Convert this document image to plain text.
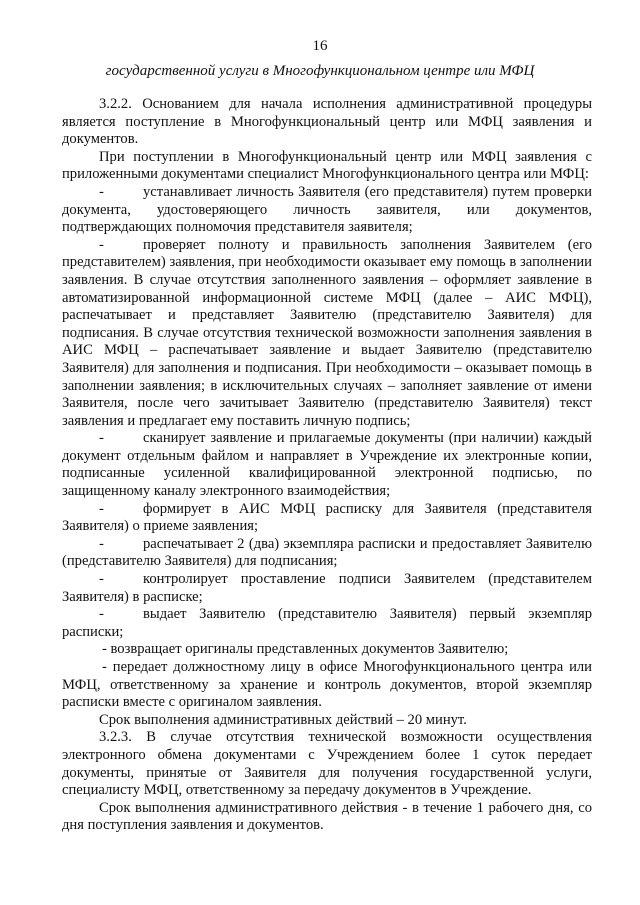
16
государственной услуги в Многофункциональном центре или МФЦ

3.2.2. Основанием для начала исполнения административной процедуры является поступление в Многофункциональный центр или МФЦ заявления и документов.

При поступлении в Многофункциональный центр или МФЦ заявления с приложенными документами специалист Многофункционального центра или МФЦ:

-	устанавливает личность Заявителя (его представителя) путем проверки документа, удостоверяющего личность заявителя, или документов, подтверждающих полномочия представителя заявителя;

-	проверяет полноту и правильность заполнения Заявителем (его представителем) заявления, при необходимости оказывает ему помощь в заполнении заявления. В случае отсутствия заполненного заявления – оформляет заявление в автоматизированной информационной системе МФЦ (далее – АИС МФЦ), распечатывает и представляет Заявителю (представителю Заявителя) для подписания. В случае отсутствия технической возможности заполнения заявления в АИС МФЦ – распечатывает заявление и выдает Заявителю (представителю Заявителя) для заполнения и подписания. При необходимости – оказывает помощь в заполнении заявления; в исключительных случаях – заполняет заявление от имени Заявителя, после чего зачитывает Заявителю (представителю Заявителя) текст заявления и предлагает ему поставить личную подпись;

-	сканирует заявление и прилагаемые документы (при наличии) каждый документ отдельным файлом и направляет в Учреждение их электронные копии, подписанные усиленной квалифицированной электронной подписью, по защищенному каналу электронного взаимодействия;

-	формирует в АИС МФЦ расписку для Заявителя (представителя Заявителя) о приеме заявления;

-	распечатывает 2 (два) экземпляра расписки и предоставляет Заявителю (представителю Заявителя) для подписания;

-	контролирует проставление подписи Заявителем (представителем Заявителя) в расписке;

-	выдает Заявителю (представителю Заявителя) первый экземпляр расписки;

- возвращает оригиналы представленных документов Заявителю;

- передает должностному лицу в офисе Многофункционального центра или МФЦ, ответственному за хранение и контроль документов, второй экземпляр расписки вместе с оригиналом заявления.

Срок выполнения административных действий – 20 минут.

3.2.3. В случае отсутствия технической возможности осуществления электронного обмена документами с Учреждением более 1 суток передает документы, принятые от Заявителя для получения государственной услуги, специалисту МФЦ, ответственному за передачу документов в Учреждение.

Срок выполнения административного действия - в течение 1 рабочего дня, со дня поступления заявления и документов.
